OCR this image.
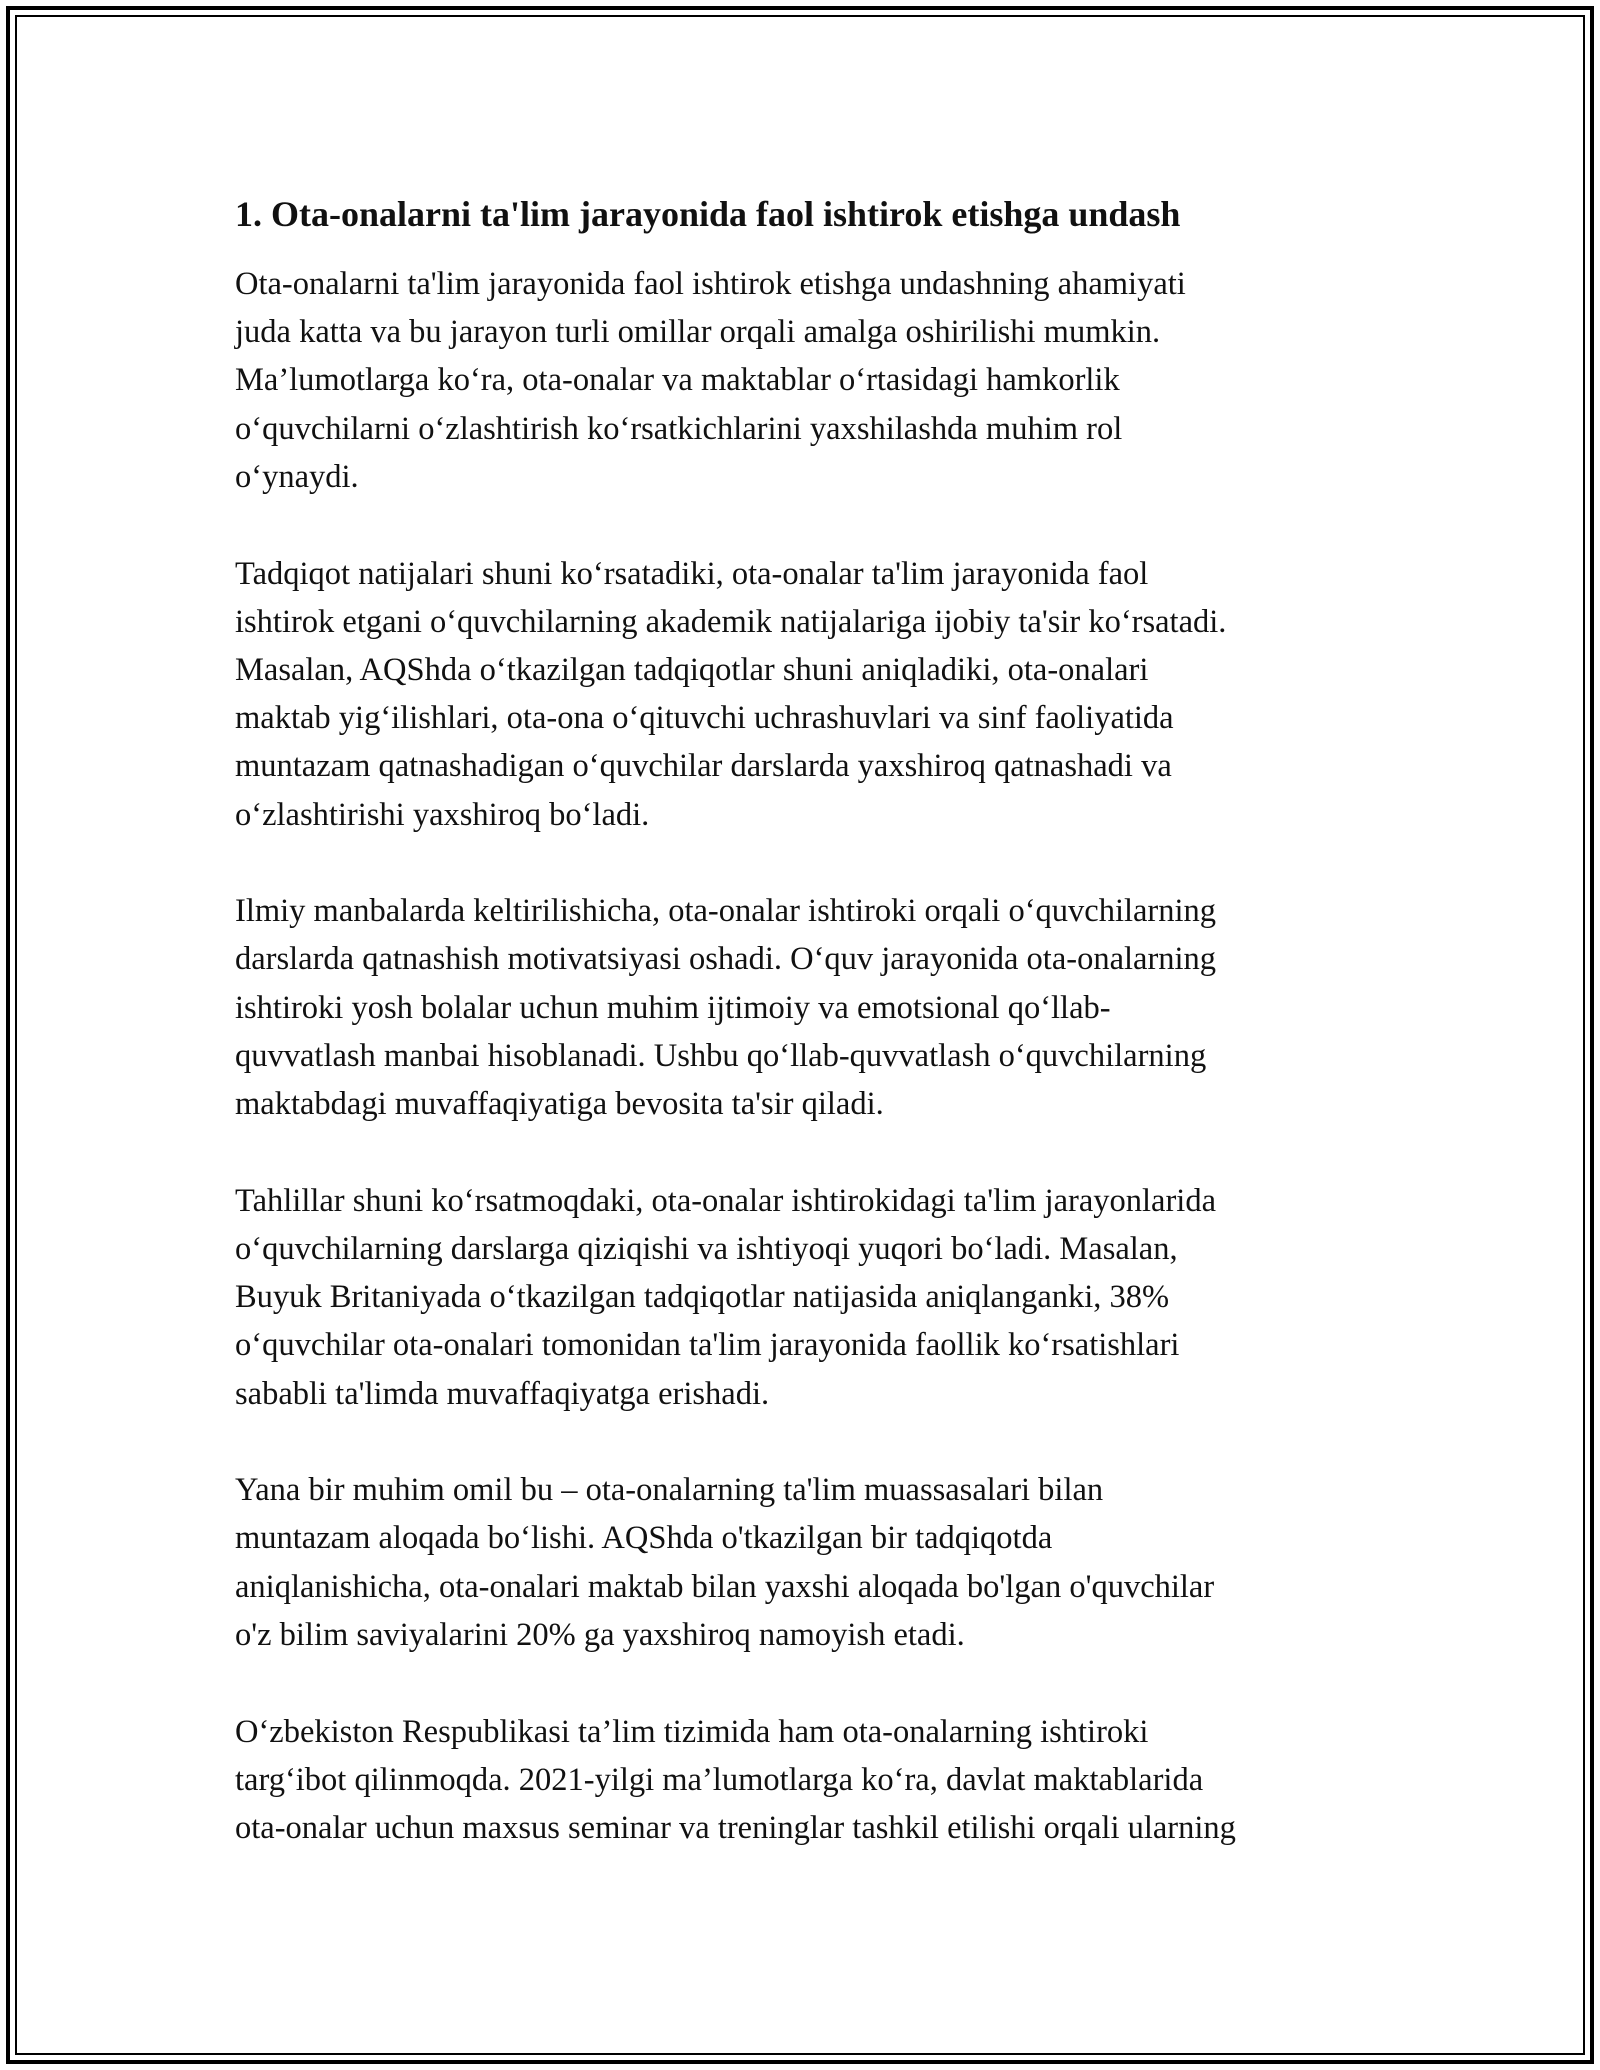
1. Ota-onalarni ta'lim jarayonida faol ishtirok etishga undash
Ota-onalarni ta'lim jarayonida faol ishtirok etishga undashning ahamiyati
juda katta va bu jarayon turli omillar orqali amalga oshirilishi mumkin.
Ma’lumotlarga ko‘ra, ota-onalar va maktablar o‘rtasidagi hamkorlik
o‘quvchilarni o‘zlashtirish ko‘rsatkichlarini yaxshilashda muhim rol
o‘ynaydi.
Tadqiqot natijalari shuni ko‘rsatadiki, ota-onalar ta'lim jarayonida faol
ishtirok etgani o‘quvchilarning akademik natijalariga ijobiy ta'sir ko‘rsatadi.
Masalan, AQShda o‘tkazilgan tadqiqotlar shuni aniqladiki, ota-onalari
maktab yig‘ilishlari, ota-ona o‘qituvchi uchrashuvlari va sinf faoliyatida
muntazam qatnashadigan o‘quvchilar darslarda yaxshiroq qatnashadi va
o‘zlashtirishi yaxshiroq bo‘ladi.
Ilmiy manbalarda keltirilishicha, ota-onalar ishtiroki orqali o‘quvchilarning
darslarda qatnashish motivatsiyasi oshadi. O‘quv jarayonida ota-onalarning
ishtiroki yosh bolalar uchun muhim ijtimoiy va emotsional qo‘llab-
quvvatlash manbai hisoblanadi. Ushbu qo‘llab-quvvatlash o‘quvchilarning
maktabdagi muvaffaqiyatiga bevosita ta'sir qiladi.
Tahlillar shuni ko‘rsatmoqdaki, ota-onalar ishtirokidagi ta'lim jarayonlarida
o‘quvchilarning darslarga qiziqishi va ishtiyoqi yuqori bo‘ladi. Masalan,
Buyuk Britaniyada o‘tkazilgan tadqiqotlar natijasida aniqlanganki, 38%
o‘quvchilar ota-onalari tomonidan ta'lim jarayonida faollik ko‘rsatishlari
sababli ta'limda muvaffaqiyatga erishadi.
Yana bir muhim omil bu – ota-onalarning ta'lim muassasalari bilan
muntazam aloqada bo‘lishi. AQShda o'tkazilgan bir tadqiqotda
aniqlanishicha, ota-onalari maktab bilan yaxshi aloqada bo'lgan o'quvchilar
o'z bilim saviyalarini 20% ga yaxshiroq namoyish etadi.
O‘zbekiston Respublikasi ta’lim tizimida ham ota-onalarning ishtiroki
targ‘ibot qilinmoqda. 2021-yilgi ma’lumotlarga ko‘ra, davlat maktablarida
ota-onalar uchun maxsus seminar va treninglar tashkil etilishi orqali ularning
